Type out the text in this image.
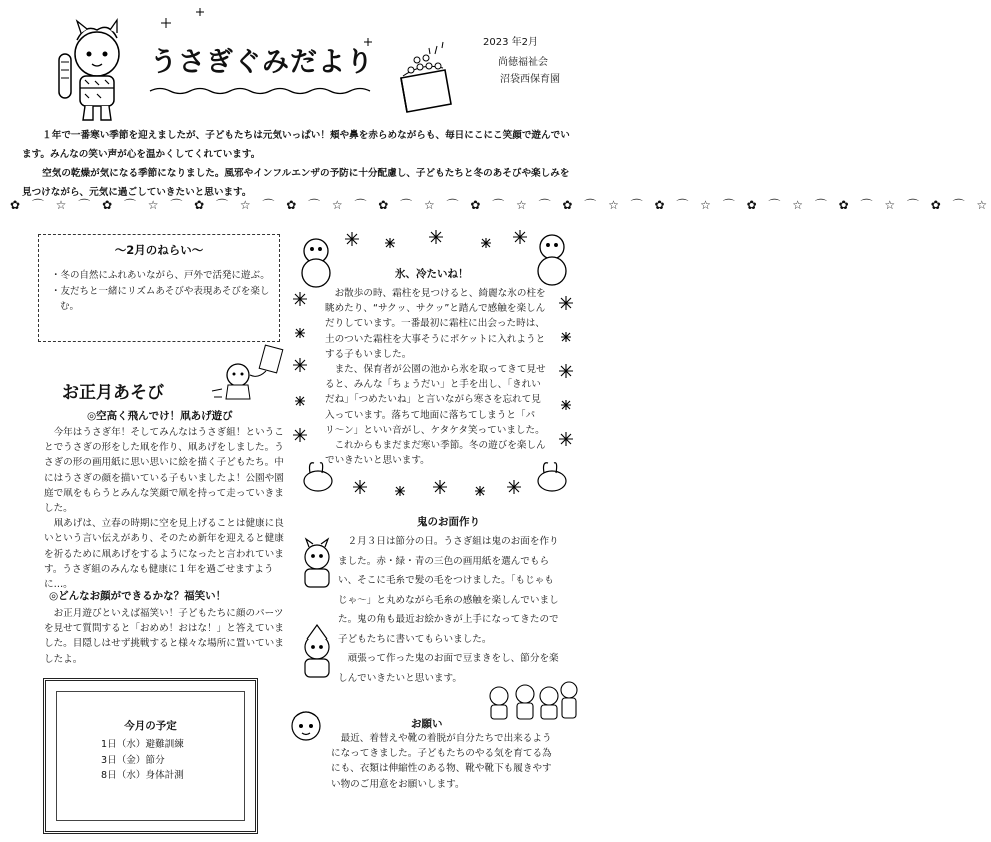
うさぎぐみだより
2023 年2月
尚徳福祉会
沼袋西保育園

１年で一番寒い季節を迎えましたが、子どもたちは元気いっぱい！頬や鼻を赤らめながらも、毎日にこにこ笑顔で遊んでいます。みんなの笑い声が心を温かくしてくれています。

空気の乾燥が気になる季節になりました。風邪やインフルエンザの予防に十分配慮し、子どもたちと冬のあそびや楽しみを見つけながら、元気に過ごしていきたいと思います。

✿ ⌒ ☆ ⌒ ✿ ⌒ ☆ ⌒ ✿ ⌒ ☆ ⌒ ✿ ⌒ ☆ ⌒ ✿ ⌒ ☆ ⌒ ✿ ⌒ ☆ ⌒ ✿ ⌒ ☆ ⌒ ✿ ⌒ ☆ ⌒ ✿ ⌒ ☆ ⌒ ✿ ⌒ ☆ ⌒ ✿ ⌒ ☆
～2月のねらい～
・冬の自然にふれあいながら、戸外で活発に遊ぶ。
・友だちと一緒にリズムあそびや表現あそびを楽しむ。
お正月あそび
◎空高く飛んでけ！凧あげ遊び

今年はうさぎ年！そしてみんなはうさぎ組！ということでうさぎの形をした凧を作り、凧あげをしました。うさぎの形の画用紙に思い思いに絵を描く子どもたち。中にはうさぎの顔を描いている子もいましたよ！公園や園庭で凧をもらうとみんな笑顔で凧を持って走っていきました。

凧あげは、立春の時期に空を見上げることは健康に良いという言い伝えがあり、そのため新年を迎えると健康を祈るために凧あげをするようになったと言われています。うさぎ組のみんなも健康に１年を過ごせますように…。

◎どんなお顔ができるかな？福笑い！

お正月遊びといえば福笑い！子どもたちに顔のパーツを見せて質問すると「おめめ！おはな！」と答えていました。目隠しはせず挑戦すると様々な場所に置いていましたよ。

今月の予定
1日（水）避難訓練
3日（金）節分
8日（水）身体計測
氷、冷たいね！

お散歩の時、霜柱を見つけると、綺麗な氷の柱を眺めたり、“サクッ、サクッ”と踏んで感触を楽しんだりしています。一番最初に霜柱に出会った時は、土のついた霜柱を大事そうにポケットに入れようとする子もいました。

また、保育者が公園の池から氷を取ってきて見せると、みんな「ちょうだい」と手を出し、「きれいだね」「つめたいね」と言いながら寒さを忘れて見入っています。落ちて地面に落ちてしまうと「パリ〜ン」といい音がし、ケタケタ笑っていました。

これからもまだまだ寒い季節。冬の遊びを楽しんでいきたいと思います。

鬼のお面作り

２月３日は節分の日。うさぎ組は鬼のお面を作りました。赤・緑・青の三色の画用紙を選んでもらい、そこに毛糸で髪の毛をつけました。「もじゃもじゃ〜」と丸めながら毛糸の感触を楽しんでいました。鬼の角も最近お絵かきが上手になってきたので子どもたちに書いてもらいました。

頑張って作った鬼のお面で豆まきをし、節分を楽しんでいきたいと思います。

お願い

最近、着替えや靴の着脱が自分たちで出来るようになってきました。子どもたちのやる気を育てる為にも、衣類は伸縮性のある物、靴や靴下も履きやすい物のご用意をお願いします。
